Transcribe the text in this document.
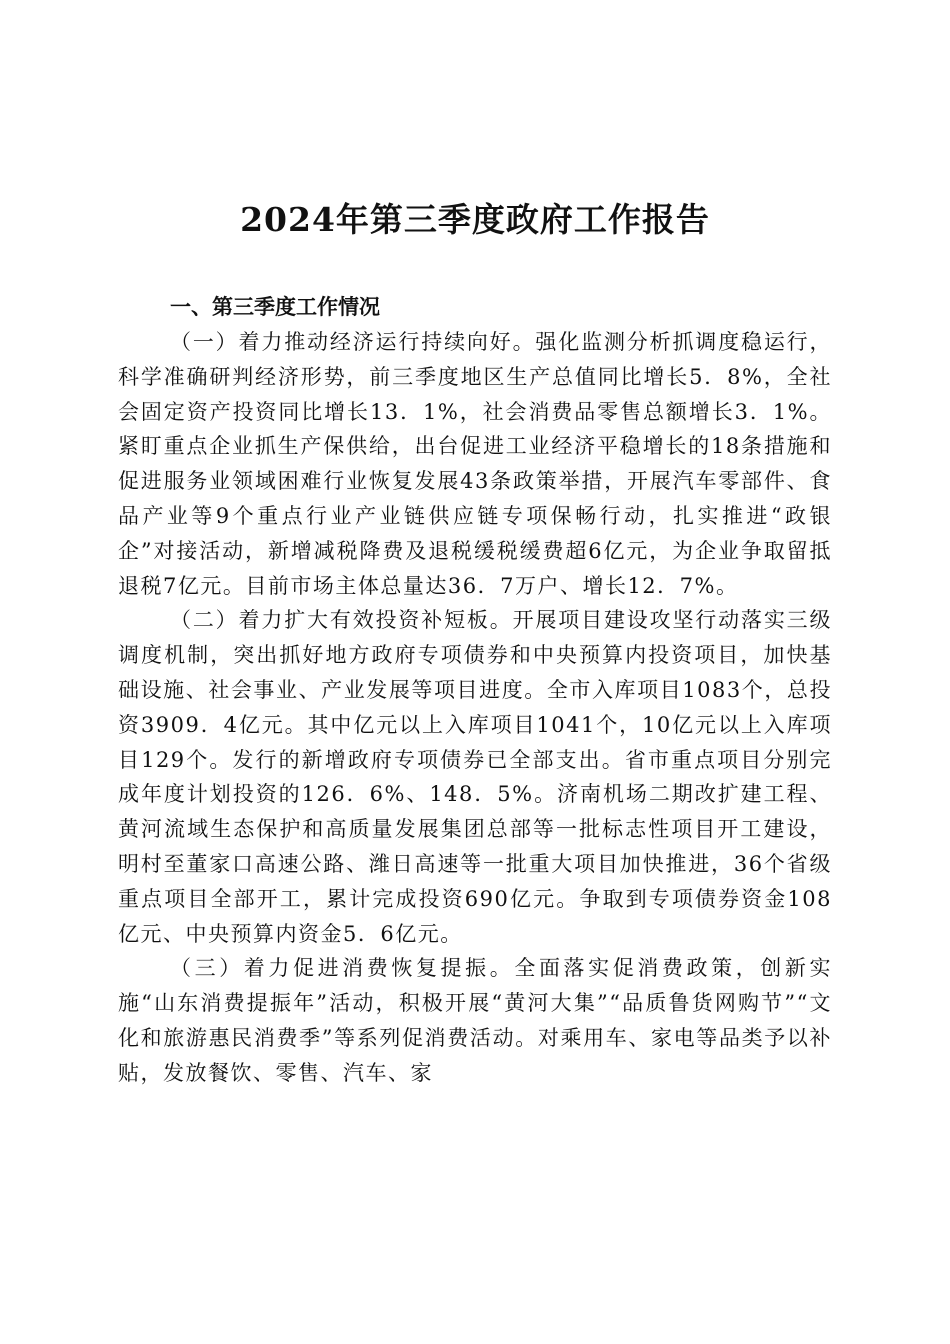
2024年第三季度政府工作报告

一、第三季度工作情况

（一）着力推动经济运行持续向好。强化监测分析抓调度稳运行，科学准确研判经济形势，前三季度地区生产总值同比增长5．8%，全社会固定资产投资同比增长13．1%，社会消费品零售总额增长3．1%。紧盯重点企业抓生产保供给，出台促进工业经济平稳增长的18条措施和促进服务业领域困难行业恢复发展43条政策举措，开展汽车零部件、食品产业等9个重点行业产业链供应链专项保畅行动，扎实推进“政银企”对接活动，新增减税降费及退税缓税缓费超6亿元，为企业争取留抵退税7亿元。目前市场主体总量达36．7万户、增长12．7%。

（二）着力扩大有效投资补短板。开展项目建设攻坚行动落实三级调度机制，突出抓好地方政府专项债券和中央预算内投资项目，加快基础设施、社会事业、产业发展等项目进度。全市入库项目1083个，总投资3909．4亿元。其中亿元以上入库项目1041个，10亿元以上入库项目129个。发行的新增政府专项债券已全部支出。省市重点项目分别完成年度计划投资的126．6%、148．5%。济南机场二期改扩建工程、黄河流域生态保护和高质量发展集团总部等一批标志性项目开工建设，明村至董家口高速公路、潍日高速等一批重大项目加快推进，36个省级重点项目全部开工，累计完成投资690亿元。争取到专项债券资金108亿元、中央预算内资金5．6亿元。

（三）着力促进消费恢复提振。全面落实促消费政策，创新实施“山东消费提振年”活动，积极开展“黄河大集”“品质鲁货网购节”“文化和旅游惠民消费季”等系列促消费活动。对乘用车、家电等品类予以补贴，发放餐饮、零售、汽车、家
